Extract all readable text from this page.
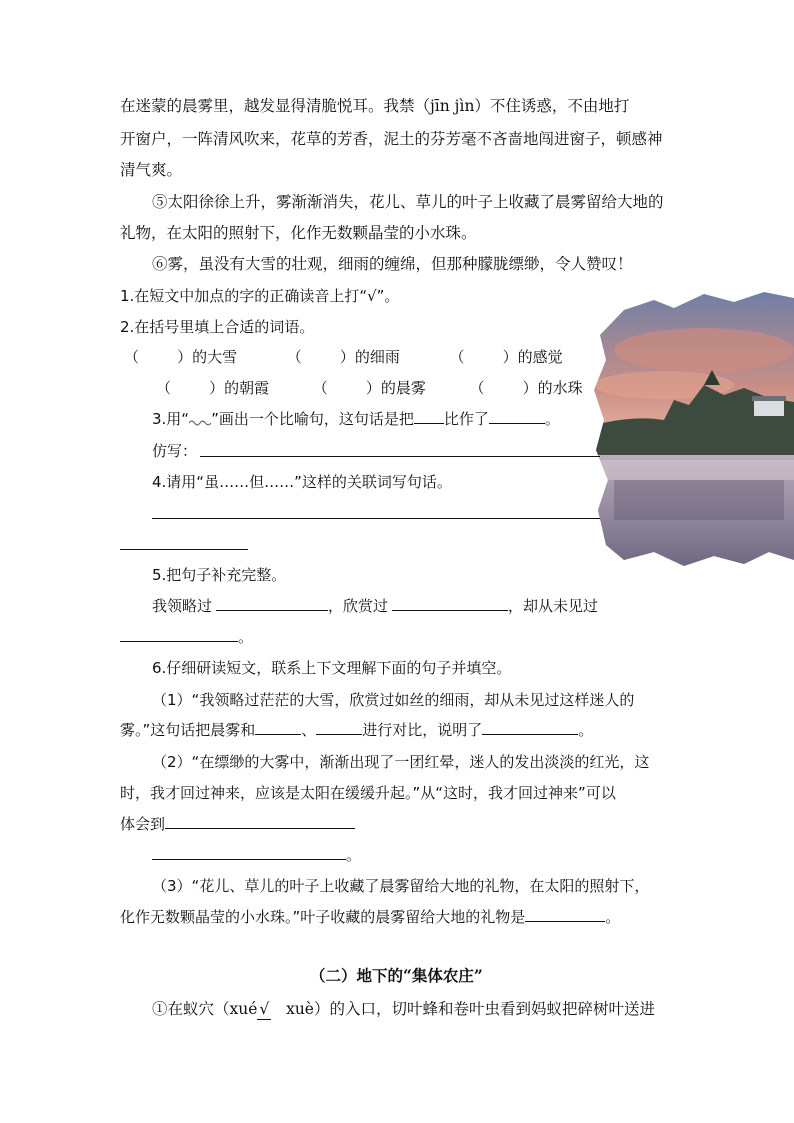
在迷蒙的晨雾里，越发显得清脆悦耳。我禁（jīn jìn）不住诱惑，不由地打
开窗户，一阵清风吹来，花草的芳香，泥土的芬芳毫不吝啬地闯进窗子，顿感神
清气爽。
⑤太阳徐徐上升，雾渐渐消失，花儿、草儿的叶子上收藏了晨雾留给大地的
礼物，在太阳的照射下，化作无数颗晶莹的小水珠。
⑥雾，虽没有大雪的壮观，细雨的缠绵，但那种朦胧缥缈，令人赞叹！
1.在短文中加点的字的正确读音上打“√”。
2.在括号里填上合适的词语。
（        ）的大雪	（        ）的细雨	（        ）的感觉
（        ）的朝霞	（        ）的晨雾	（        ）的水珠
3.用“ ”画出一个比喻句，这句话是把 比作了	。
仿写：
4.请用“虽……但……”这样的关联词写句话。
5.把句子补充完整。
我领略过	，欣赏过	，却从未见过
。
6.仔细研读短文，联系上下文理解下面的句子并填空。
（1）“我领略过茫茫的大雪，欣赏过如丝的细雨，却从未见过这样迷人的
雾。”这句话把晨雾和	、	进行对比，说明了	。
（2）“在缥缈的大雾中，渐渐出现了一团红晕，迷人的发出淡淡的红光，这
时，我才回过神来，应该是太阳在缓缓升起。”从“这时，我才回过神来”可以
体会到
。
（3）“花儿、草儿的叶子上收藏了晨雾留给大地的礼物，在太阳的照射下，
化作无数颗晶莹的小水珠。”叶子收藏的晨雾留给大地的礼物是	。
（二）地下的“集体农庄”
①在蚁穴（xué √ xuè）的入口，切叶蜂和卷叶虫看到妈蚁把碎树叶送进
